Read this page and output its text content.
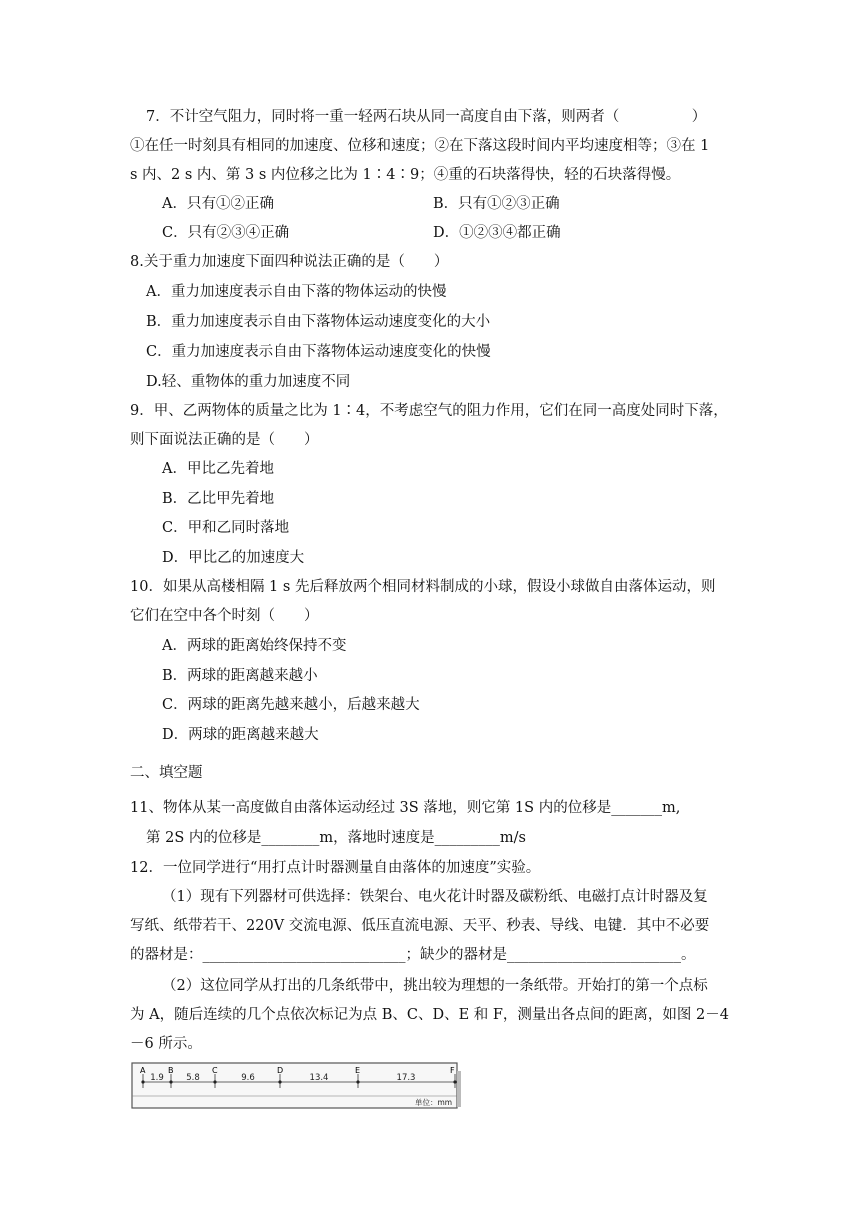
7．不计空气阻力，同时将一重一轻两石块从同一高度自由下落，则两者（　　　　　）
①在任一时刻具有相同的加速度、位移和速度；②在下落这段时间内平均速度相等；③在 1
s 内、2 s 内、第 3 s 内位移之比为 1∶4∶9；④重的石块落得快，轻的石块落得慢。
A．只有①②正确	B．只有①②③正确
C．只有②③④正确	D．①②③④都正确
8.关于重力加速度下面四种说法正确的是（　　）
A．重力加速度表示自由下落的物体运动的快慢
B．重力加速度表示自由下落物体运动速度变化的大小
C．重力加速度表示自由下落物体运动速度变化的快慢
D.轻、重物体的重力加速度不同
9．甲、乙两物体的质量之比为 1∶4，不考虑空气的阻力作用，它们在同一高度处同时下落，
则下面说法正确的是（　　）
A．甲比乙先着地
B．乙比甲先着地
C．甲和乙同时落地
D．甲比乙的加速度大
10．如果从高楼相隔 1 s 先后释放两个相同材料制成的小球，假设小球做自由落体运动，则
它们在空中各个时刻（　　）
A．两球的距离始终保持不变
B．两球的距离越来越小
C．两球的距离先越来越小，后越来越大
D．两球的距离越来越大
二、填空题
11、物体从某一高度做自由落体运动经过 3S 落地，则它第 1S 内的位移是_______m,
第 2S 内的位移是________m，落地时速度是_________m/s
12．一位同学进行“用打点计时器测量自由落体的加速度”实验。
（1）现有下列器材可供选择：铁架台、电火花计时器及碳粉纸、电磁打点计时器及复
写纸、纸带若干、220V 交流电源、低压直流电源、天平、秒表、导线、电键．其中不必要
的器材是：____________________________；缺少的器材是________________________。
（2）这位同学从打出的几条纸带中，挑出较为理想的一条纸带。开始打的第一个点标
为 A，随后连续的几个点依次标记为点 B、C、D、E 和 F，测量出各点间的距离，如图 2－4
－6 所示。
A	B	C	D	E	F
1.9	5.8	9.6	13.4	17.3
单位：mm
